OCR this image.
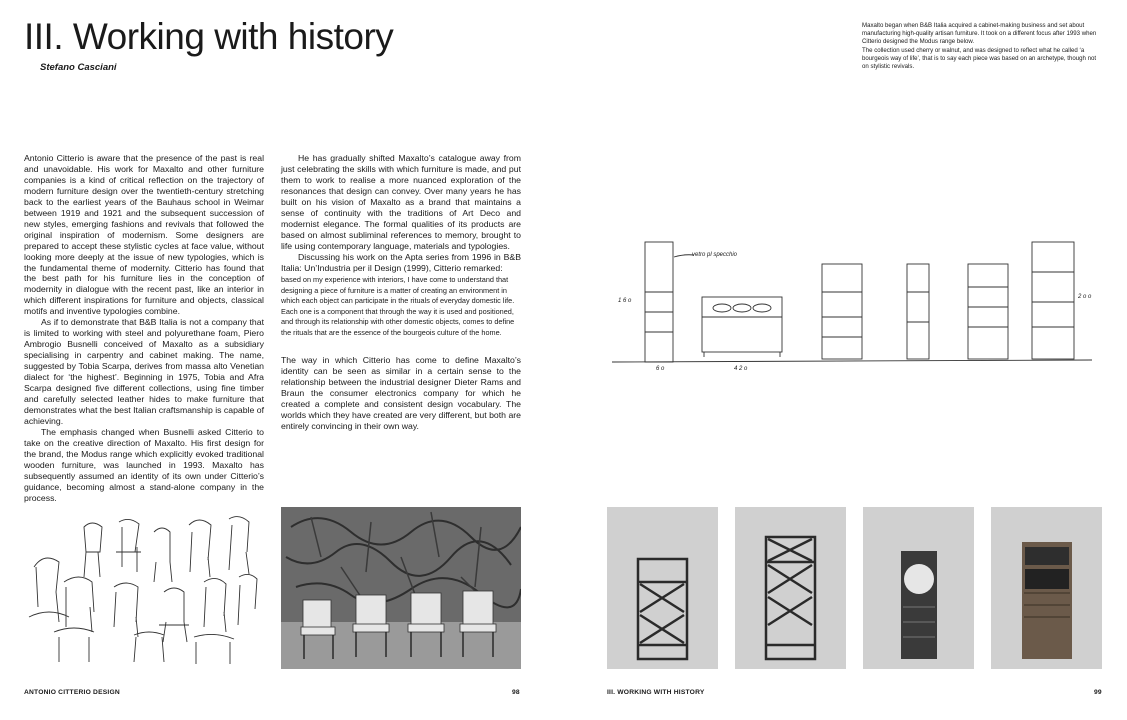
III. Working with history
Stefano Casciani

Antonio Citterio is aware that the presence of the past is real and unavoidable. His work for Maxalto and other furniture companies is a kind of critical reflection on the trajectory of modern furniture design over the twentieth-century stretching back to the earliest years of the Bauhaus school in Weimar between 1919 and 1921 and the subsequent succession of new styles, emerging fashions and revivals that followed the original inspiration of modernism. Some designers are prepared to accept these stylistic cycles at face value, without looking more deeply at the issue of new typologies, which is the fundamental theme of modernity. Citterio has found that the best path for his furniture lies in the conception of modernity in dialogue with the recent past, like an interior in which different inspirations for furniture and objects, classical motifs and inventive typologies combine.

As if to demonstrate that B&B Italia is not a company that is limited to working with steel and polyurethane foam, Piero Ambrogio Busnelli conceived of Maxalto as a subsidiary specialising in carpentry and cabinet making. The name, suggested by Tobia Scarpa, derives from massa alto Venetian dialect for ‘the highest’. Beginning in 1975, Tobia and Afra Scarpa designed five different collections, using fine timber and carefully selected leather hides to make furniture that demonstrates what the best Italian craftsmanship is capable of achieving.

The emphasis changed when Busnelli asked Citterio to take on the creative direction of Maxalto. His first design for the brand, the Modus range which explicitly evoked traditional wooden furniture, was launched in 1993. Maxalto has subsequently assumed an identity of its own under Citterio’s guidance, becoming almost a stand-alone company in the process.

He has gradually shifted Maxalto’s catalogue away from just celebrating the skills with which furniture is made, and put them to work to realise a more nuanced exploration of the resonances that design can convey. Over many years he has built on his vision of Maxalto as a brand that maintains a sense of continuity with the traditions of Art Deco and modernist elegance. The formal qualities of its products are based on almost subliminal references to memory, brought to life using contemporary language, materials and typologies.

Discussing his work on the Apta series from 1996 in B&B Italia: Un’Industria per il Design (1999), Citterio remarked:

based on my experience with interiors, I have come to understand that designing a piece of furniture is a matter of creating an environment in which each object can participate in the rituals of everyday domestic life. Each one is a component that through the way it is used and positioned, and through its relationship with other domestic objects, comes to define the rituals that are the essence of the bourgeois culture of the home.
The way in which Citterio has come to define Maxalto’s identity can be seen as similar in a certain sense to the relationship between the industrial designer Dieter Rams and Braun the consumer electronics company for which he created a complete and consistent design vocabulary. The worlds which they have created are very different, but both are entirely convincing in their own way.
ANTONIO CITTERIO DESIGN	98
Maxalto began when B&B Italia acquired a cabinet-making business and set about manufacturing high-quality artisan furniture. It took on a different focus after 1993 when Citterio designed the Modus range below.
The collection used cherry or walnut, and was designed to reflect what he called ‘a bourgeois way of life’, that is to say each piece was based on an archetype, though not on stylistic revivals.
vetro pl specchio
1 6 o
6 o	4 2 o
2 o o
III. WORKING WITH HISTORY	99
